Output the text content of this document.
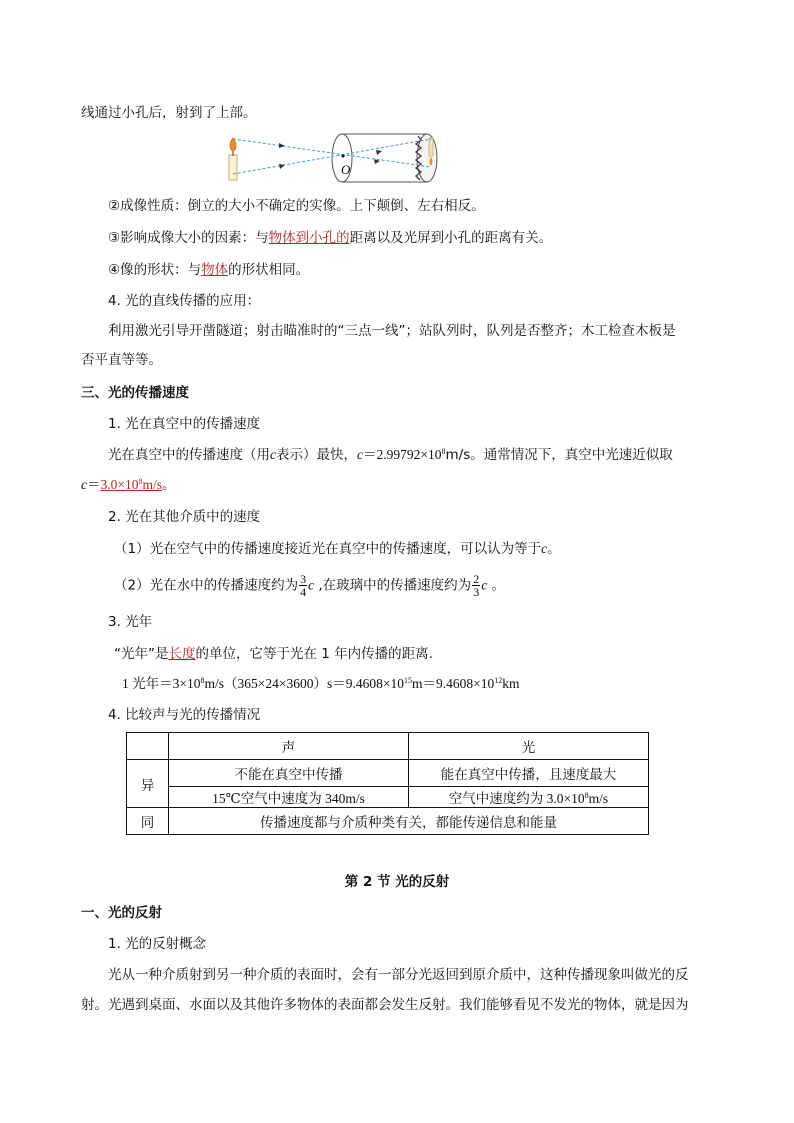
线通过小孔后，射到了上部。
O
②成像性质：倒立的大小不确定的实像。上下颠倒、左右相反。
③影响成像大小的因素：与物体到小孔的距离以及光屏到小孔的距离有关。
④像的形状：与物体的形状相同。
4. 光的直线传播的应用：
利用激光引导开凿隧道；射击瞄准时的“三点一线”；站队列时，队列是否整齐；木工检查木板是
否平直等等。
三、光的传播速度
1. 光在真空中的传播速度
光在真空中的传播速度（用c表示）最快，$c=2.99792\times 10^8m/s$。通常情况下，真空中光速近似取
$c=3.0\times 10^8m/s$。
2. 光在其他介质中的速度
（1）光在空气中的传播速度接近光在真空中的传播速度，可以认为等于c。
（2）光在水中的传播速度约为 $\frac{3}{4}$ c ,在玻璃中的传播速度约为 $\frac{2}{3}$ c 。
3. 光年
“光年”是长度的单位，它等于光在 1 年内传播的距离.
1 光年$=3\times 10^8m/s(365\times 24\times 3600)s=9.4608\times 10^{15}m=9.4608\times 10^{12}km$
4. 比较声与光的传播情况
	声	光
异	不能在真空中传播	能在真空中传播，且速度最大
	15℃空气中速度为 340m/s	空气中速度约为 $3.0\times 10^8m/s$
同	传播速度都与介质种类有关，都能传递信息和能量	
第 2 节 光的反射
一、光的反射
1. 光的反射概念
光从一种介质射到另一种介质的表面时，会有一部分光返回到原介质中，这种传播现象叫做光的反
射。光遇到桌面、水面以及其他许多物体的表面都会发生反射。我们能够看见不发光的物体，就是因为
